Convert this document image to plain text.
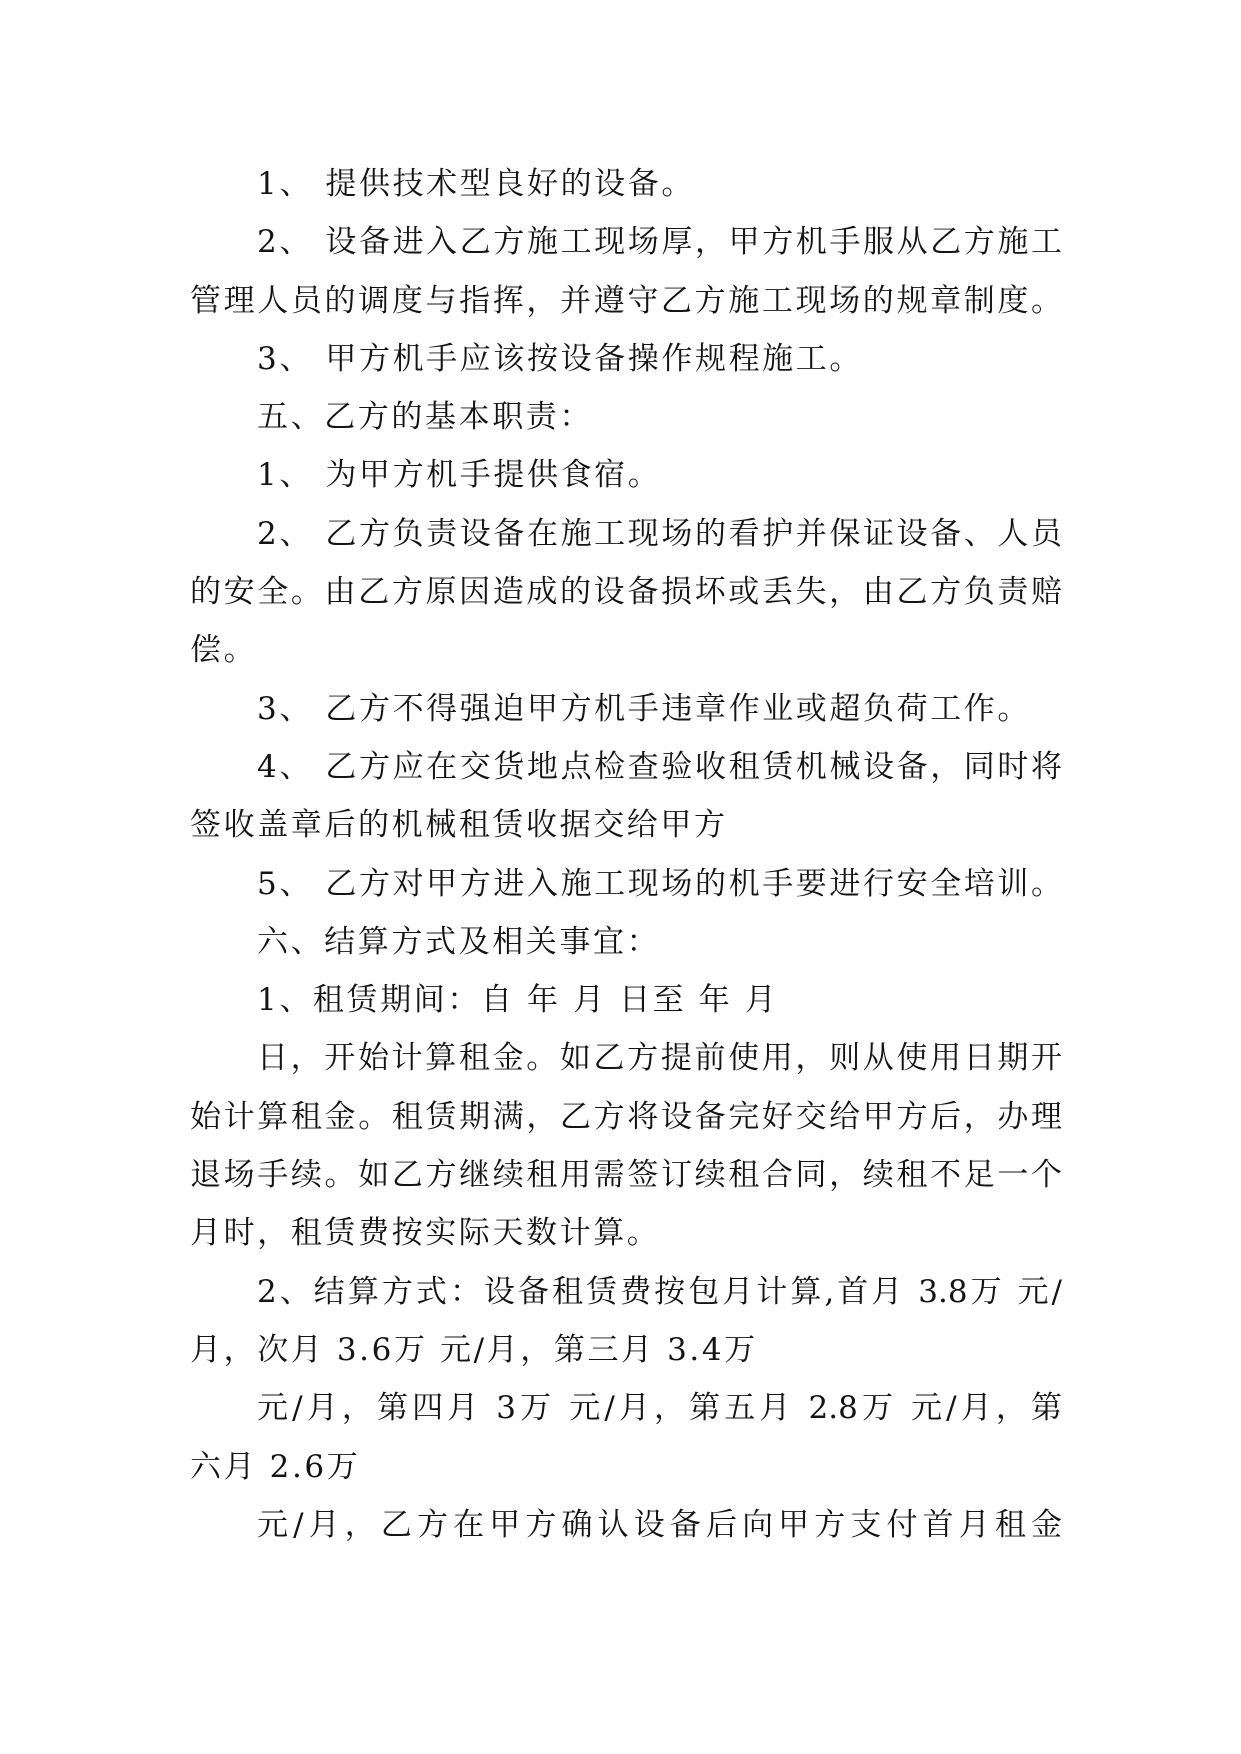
1、 提供技术型良好的设备。
2、 设备进入乙方施工现场厚，甲方机手服从乙方施工
管理人员的调度与指挥，并遵守乙方施工现场的规章制度。
3、 甲方机手应该按设备操作规程施工。
五、乙方的基本职责：
1、 为甲方机手提供食宿。
2、 乙方负责设备在施工现场的看护并保证设备、人员
的安全。由乙方原因造成的设备损坏或丢失，由乙方负责赔
偿。
3、 乙方不得强迫甲方机手违章作业或超负荷工作。
4、 乙方应在交货地点检查验收租赁机械设备，同时将
签收盖章后的机械租赁收据交给甲方
5、 乙方对甲方进入施工现场的机手要进行安全培训。
六、结算方式及相关事宜：
1、租赁期间：自 年 月 日至 年 月
日，开始计算租金。如乙方提前使用，则从使用日期开
始计算租金。租赁期满，乙方将设备完好交给甲方后，办理
退场手续。如乙方继续租用需签订续租合同，续租不足一个
月时，租赁费按实际天数计算。
2、结算方式：设备租赁费按包月计算,首月 3.8万 元/
月，次月 3.6万 元/月，第三月 3.4万
元/月，第四月 3万 元/月，第五月 2.8万 元/月，第
六月 2.6万
元/月，乙方在甲方确认设备后向甲方支付首月租金
